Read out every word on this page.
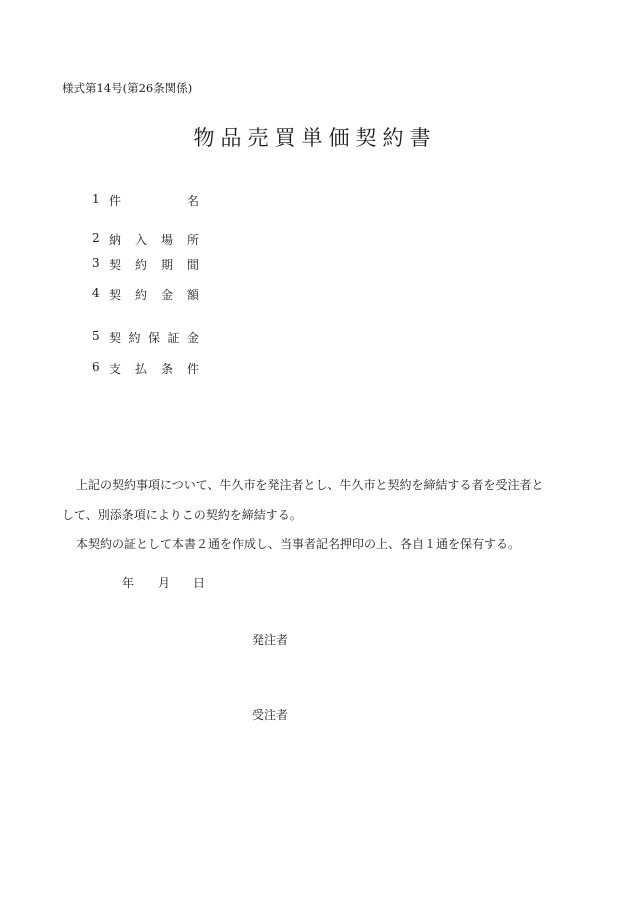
様式第14号(第26条関係)
物品売買単価契約書
1 件	名
2 納 入 場 所
3 契 約 期 間
4 契 約 金 額
5 契 約 保 証 金
6 支 払 条 件
上記の契約事項について、牛久市を発注者とし、牛久市と契約を締結する者を受注者と
して、別添条項によりこの契約を締結する。
本契約の証として本書２通を作成し、当事者記名押印の上、各自１通を保有する。
年 月 日
発注者
受注者
